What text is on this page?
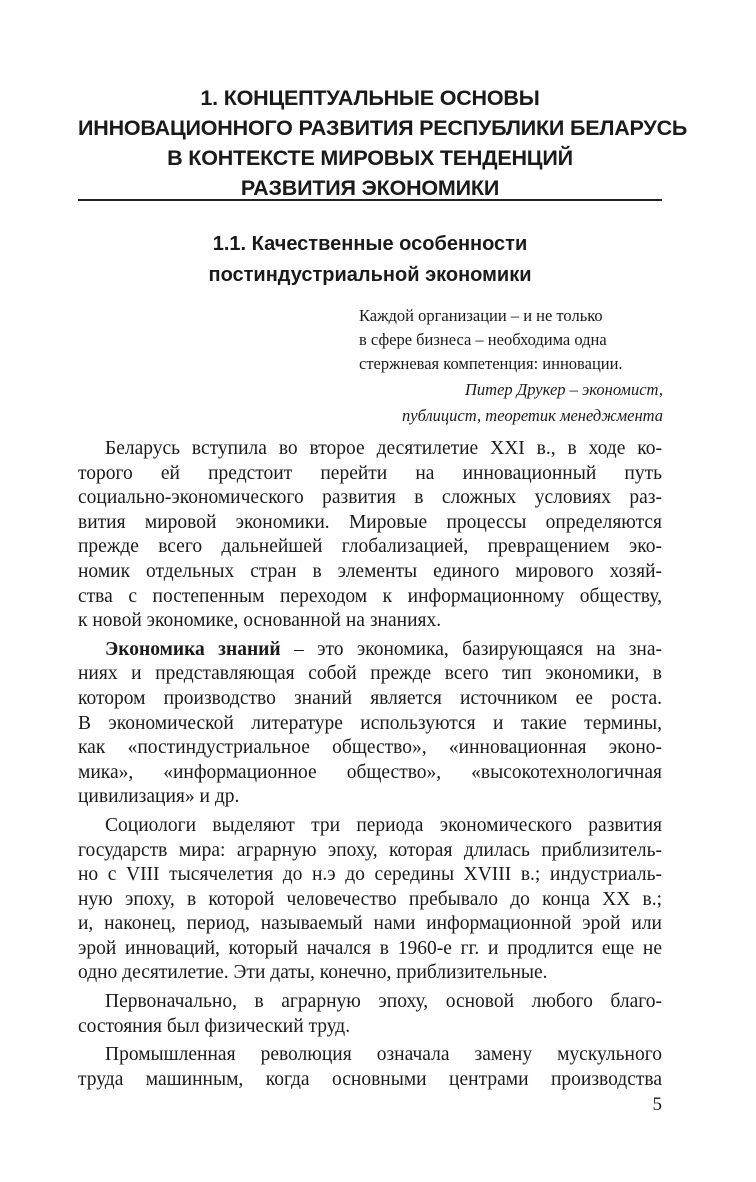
1. КОНЦЕПТУАЛЬНЫЕ ОСНОВЫ
ИННОВАЦИОННОГО РАЗВИТИЯ РЕСПУБЛИКИ БЕЛАРУСЬ
В КОНТЕКСТЕ МИРОВЫХ ТЕНДЕНЦИЙ
РАЗВИТИЯ ЭКОНОМИКИ
1.1. Качественные особенности
постиндустриальной экономики
Каждой организации – и не только
в сфере бизнеса – необходима одна
стержневая компетенция: инновации.
Питер Друкер – экономист,
публицист, теоретик менеджмента
Беларусь вступила во второе десятилетие XXI в., в ходе ко-
торого ей предстоит перейти на инновационный путь
социально-экономического развития в сложных условиях раз-
вития мировой экономики. Мировые процессы определяются
прежде всего дальнейшей глобализацией, превращением эко-
номик отдельных стран в элементы единого мирового хозяй-
ства с постепенным переходом к информационному обществу,
к новой экономике, основанной на знаниях.
Экономика знаний – это экономика, базирующаяся на зна-
ниях и представляющая собой прежде всего тип экономики, в
котором производство знаний является источником ее роста.
В экономической литературе используются и такие термины,
как «постиндустриальное общество», «инновационная эконо-
мика», «информационное общество», «высокотехнологичная
цивилизация» и др.
Социологи выделяют три периода экономического развития
государств мира: аграрную эпоху, которая длилась приблизитель-
но с VIII тысячелетия до н.э до середины XVIII в.; индустриаль-
ную эпоху, в которой человечество пребывало до конца XX в.;
и, наконец, период, называемый нами информационной эрой или
эрой инноваций, который начался в 1960-е гг. и продлится еще не
одно десятилетие. Эти даты, конечно, приблизительные.
Первоначально, в аграрную эпоху, основой любого благо-
состояния был физический труд.
Промышленная революция означала замену мускульного
труда машинным, когда основными центрами производства
5
